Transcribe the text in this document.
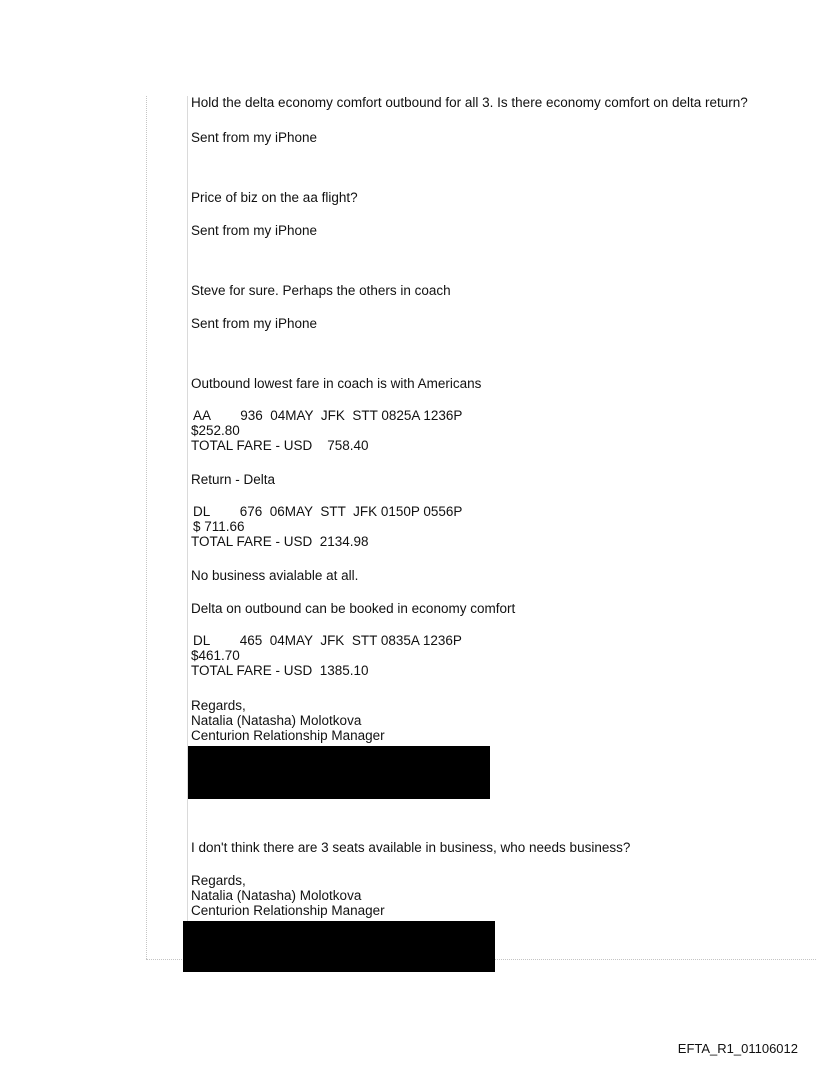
Hold the delta economy comfort outbound for all 3. Is there economy comfort on delta return?

Sent from my iPhone

Price of biz on the aa flight?

Sent from my iPhone

Steve for sure. Perhaps the others in coach

Sent from my iPhone

Outbound lowest fare in coach is with Americans

AA        936  04MAY  JFK  STT 0825A 1236P

$252.80

TOTAL FARE - USD    758.40

Return - Delta

DL        676  06MAY  STT  JFK 0150P 0556P

$ 711.66

TOTAL FARE - USD  2134.98

No business avialable at all.

Delta on outbound can be booked in economy comfort

DL        465  04MAY  JFK  STT 0835A 1236P

$461.70

TOTAL FARE - USD  1385.10

Regards,

Natalia (Natasha) Molotkova

Centurion Relationship Manager

I don't think there are 3 seats available in business, who needs business?

Regards,

Natalia (Natasha) Molotkova

Centurion Relationship Manager

EFTA_R1_01106012
